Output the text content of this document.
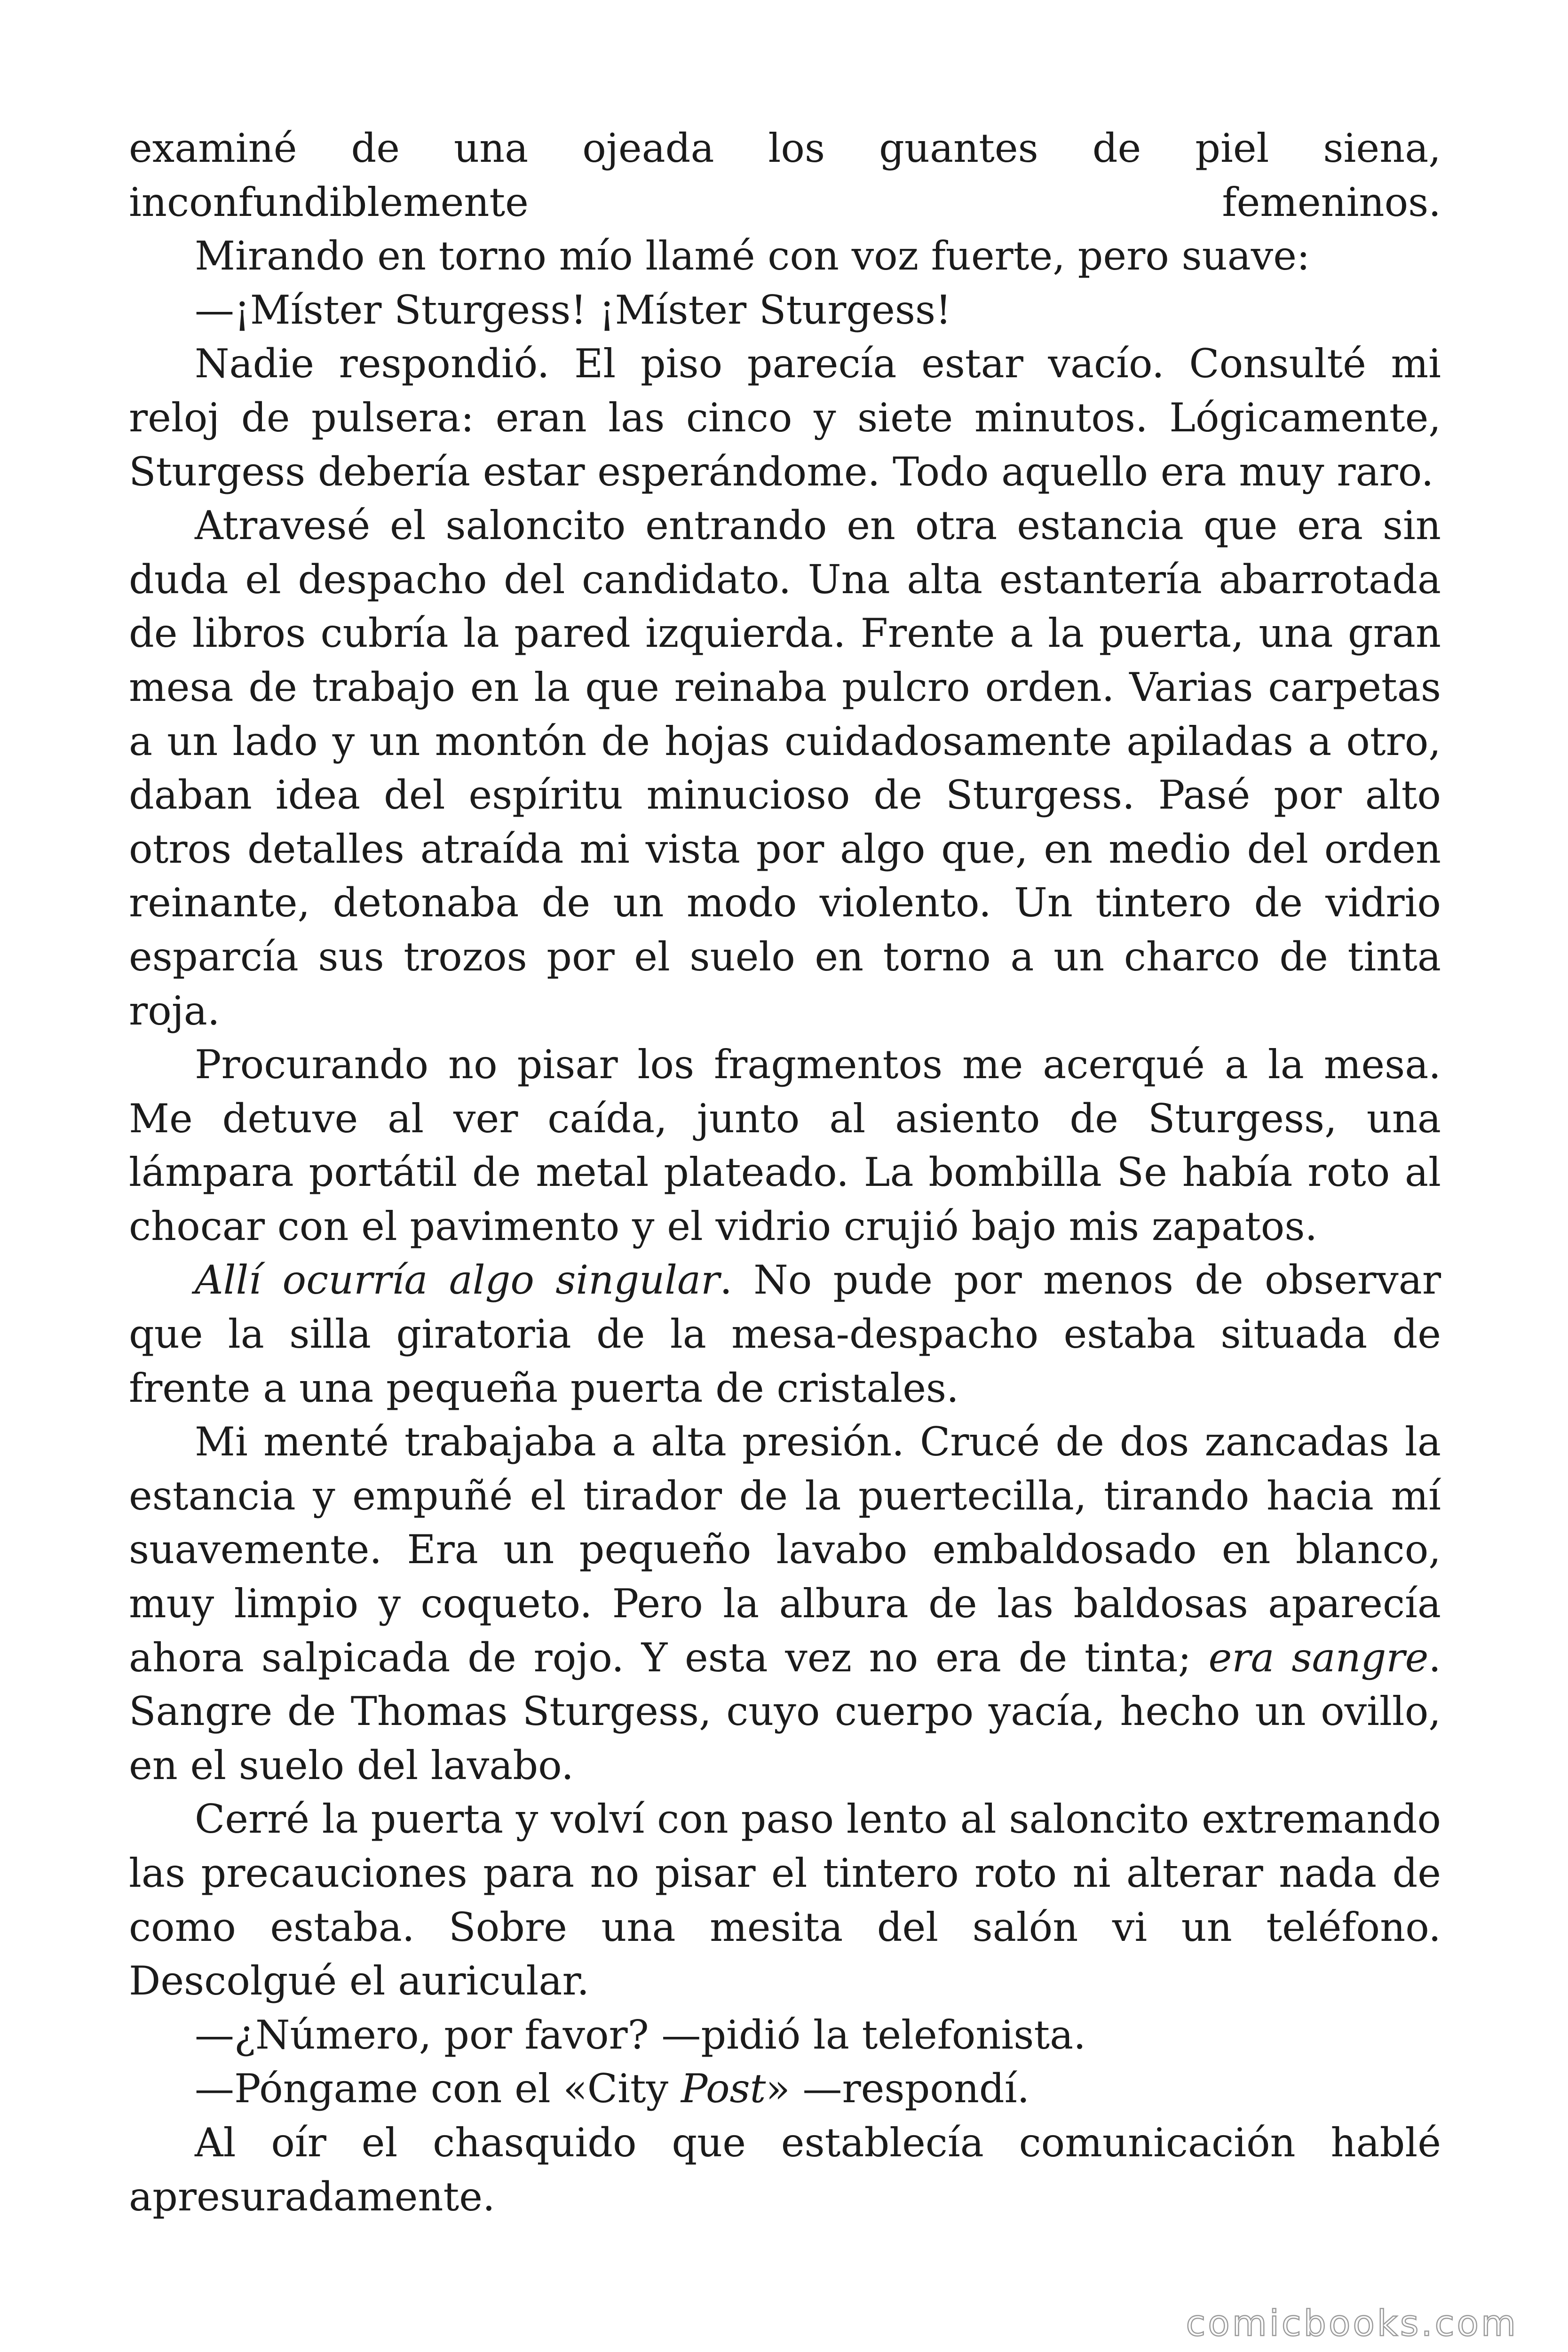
examiné de una ojeada los guantes de piel siena, inconfundiblemente femeninos.

Mirando en torno mío llamé con voz fuerte, pero suave:

—¡Míster Sturgess! ¡Míster Sturgess!

Nadie respondió. El piso parecía estar vacío. Consulté mi reloj de pulsera: eran las cinco y siete minutos. Lógicamente, Sturgess debería estar esperándome. Todo aquello era muy raro.

Atravesé el saloncito entrando en otra estancia que era sin duda el despacho del candidato. Una alta estantería abarrotada de libros cubría la pared izquierda. Frente a la puerta, una gran mesa de trabajo en la que reinaba pulcro orden. Varias carpetas a un lado y un montón de hojas cuidadosamente apiladas a otro, daban idea del espíritu minucioso de Sturgess. Pasé por alto otros detalles atraída mi vista por algo que, en medio del orden reinante, detonaba de un modo violento. Un tintero de vidrio esparcía sus trozos por el suelo en torno a un charco de tinta roja.

Procurando no pisar los fragmentos me acerqué a la mesa. Me detuve al ver caída, junto al asiento de Sturgess, una lámpara portátil de metal plateado. La bombilla Se había roto al chocar con el pavimento y el vidrio crujió bajo mis zapatos.

Allí ocurría algo singular. No pude por menos de observar que la silla giratoria de la mesa-despacho estaba situada de frente a una pequeña puerta de cristales.

Mi menté trabajaba a alta presión. Crucé de dos zancadas la estancia y empuñé el tirador de la puertecilla, tirando hacia mí suavemente. Era un pequeño lavabo embaldosado en blanco, muy limpio y coqueto. Pero la albura de las baldosas aparecía ahora salpicada de rojo. Y esta vez no era de tinta; era sangre. Sangre de Thomas Sturgess, cuyo cuerpo yacía, hecho un ovillo, en el suelo del lavabo.

Cerré la puerta y volví con paso lento al saloncito extremando las precauciones para no pisar el tintero roto ni alterar nada de como estaba. Sobre una mesita del salón vi un teléfono. Descolgué el auricular.

—¿Número, por favor? —pidió la telefonista.

—Póngame con el «City Post» —respondí.

Al oír el chasquido que establecía comunicación hablé apresuradamente.

comicbooks.com
